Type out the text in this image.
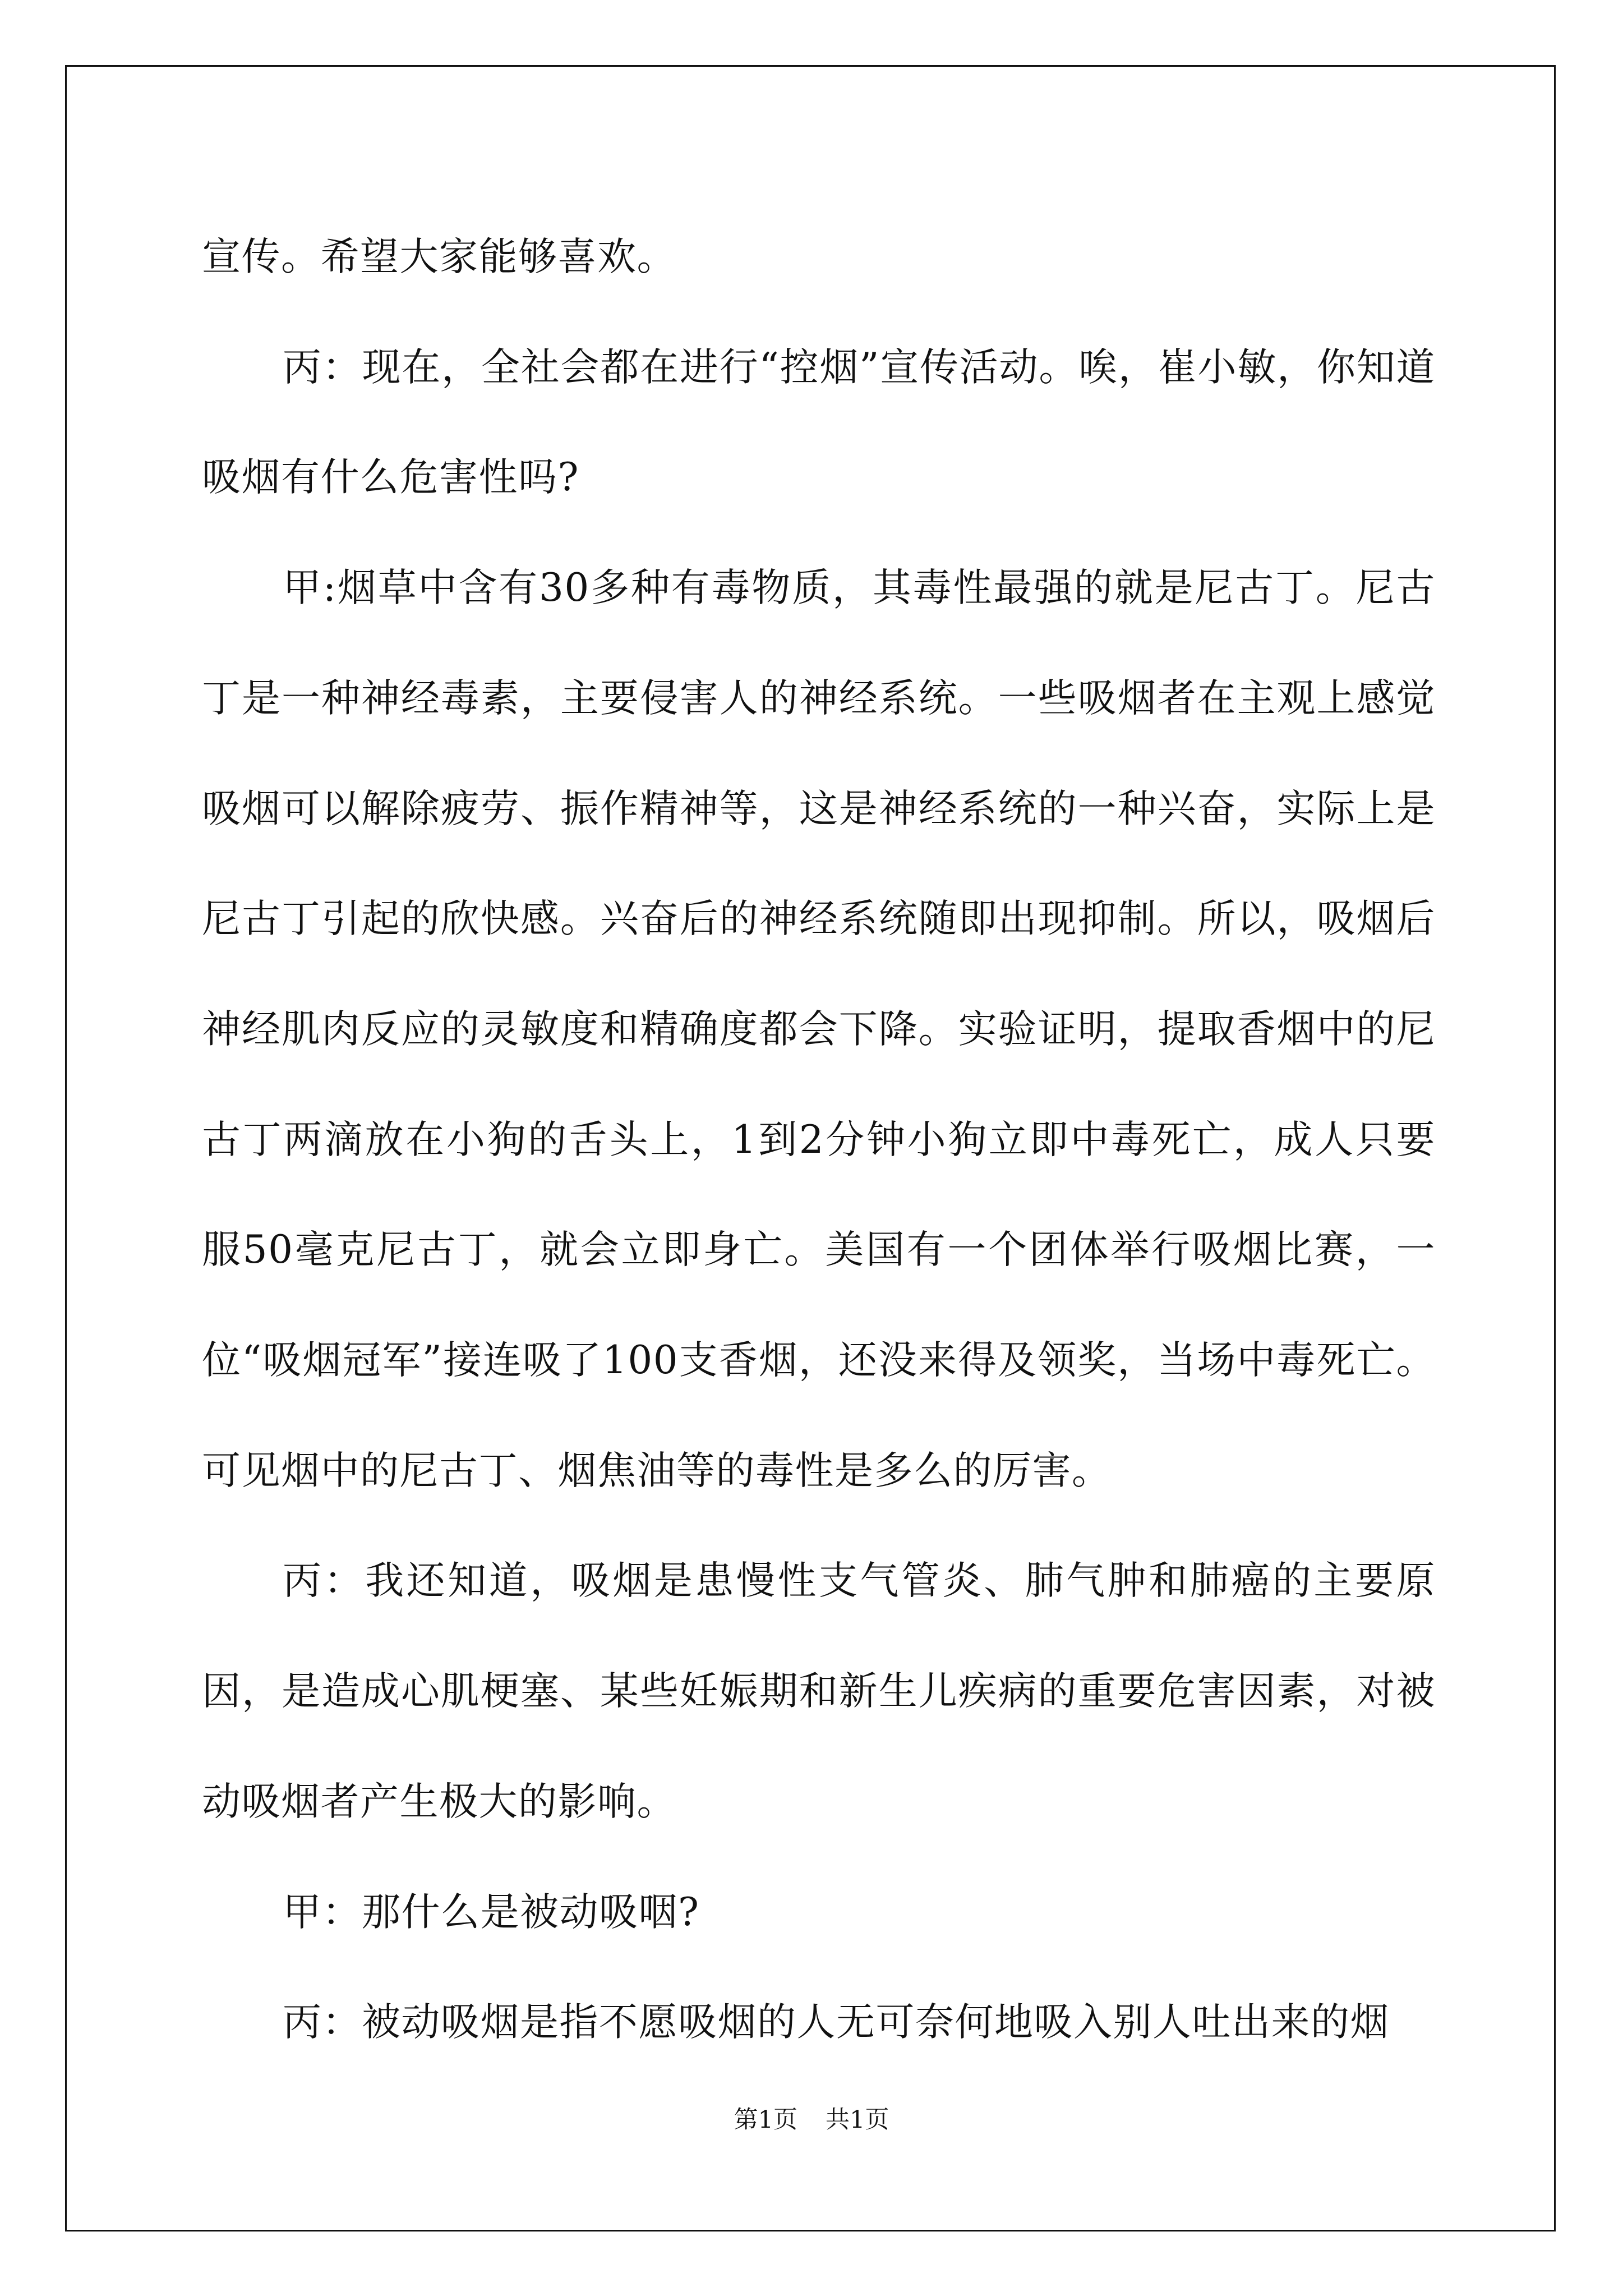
宣传。希望大家能够喜欢。

丙：现在，全社会都在进行“控烟”宣传活动。唉，崔小敏，你知道吸烟有什么危害性吗?

甲:烟草中含有30多种有毒物质，其毒性最强的就是尼古丁。尼古丁是一种神经毒素，主要侵害人的神经系统。一些吸烟者在主观上感觉吸烟可以解除疲劳、振作精神等，这是神经系统的一种兴奋，实际上是尼古丁引起的欣快感。兴奋后的神经系统随即出现抑制。所以，吸烟后神经肌肉反应的灵敏度和精确度都会下降。实验证明，提取香烟中的尼古丁两滴放在小狗的舌头上，1到2分钟小狗立即中毒死亡，成人只要服50毫克尼古丁，就会立即身亡。美国有一个团体举行吸烟比赛，一位“吸烟冠军”接连吸了100支香烟，还没来得及领奖，当场中毒死亡。可见烟中的尼古丁、烟焦油等的毒性是多么的厉害。

丙：我还知道，吸烟是患慢性支气管炎、肺气肿和肺癌的主要原因，是造成心肌梗塞、某些妊娠期和新生儿疾病的重要危害因素，对被动吸烟者产生极大的影响。

甲：那什么是被动吸咽?

丙：被动吸烟是指不愿吸烟的人无可奈何地吸入别人吐出来的烟

第1页 共1页
